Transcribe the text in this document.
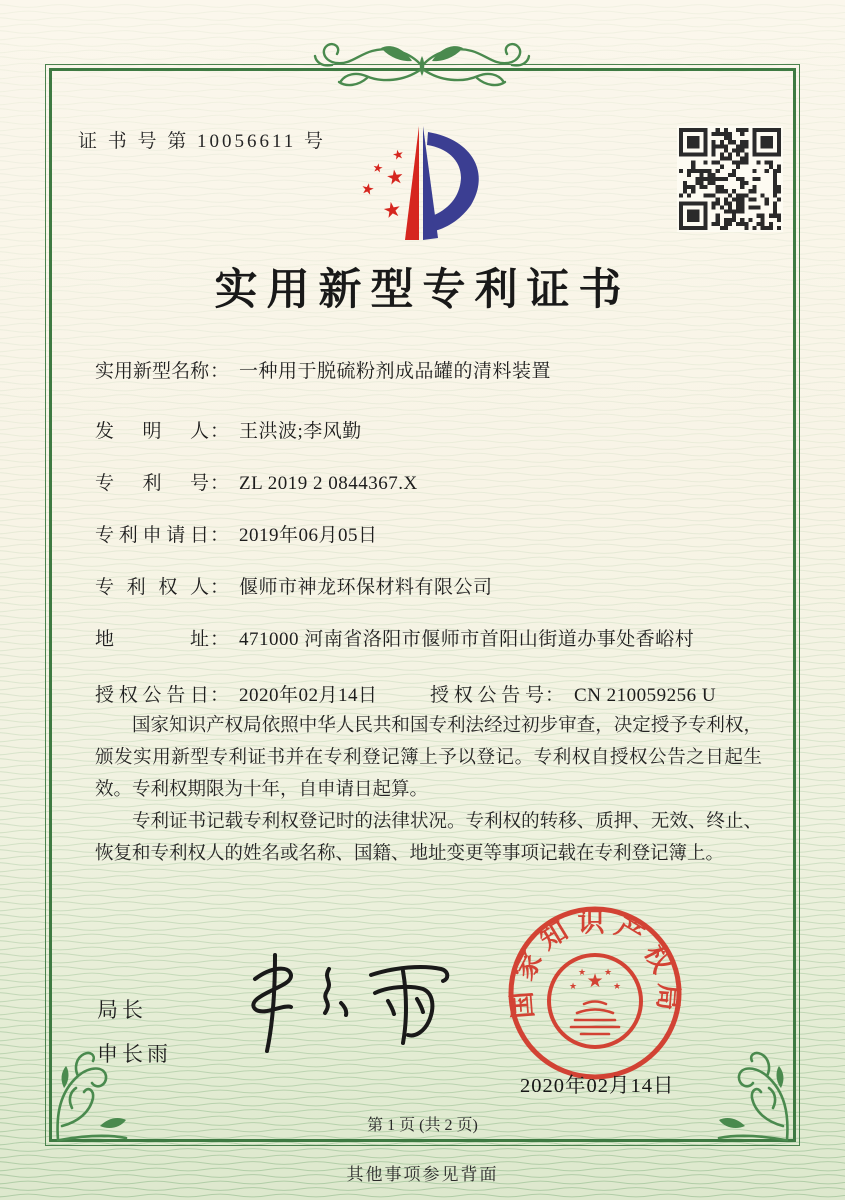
证 书 号 第 10056611 号
★
★ ★
★
★
实用新型专利证书
实 用 新 型 名 称 ： 一种用于脱硫粉剂成品罐的清料装置
发 明 人 ： 王洪波;李风勤
专 利 号 ： ZL 2019 2 0844367.X
专 利 申 请 日 ： 2019年06月05日
专 利 权 人 ： 偃师市神龙环保材料有限公司
地	址 ： 471000 河南省洛阳市偃师市首阳山街道办事处香峪村
授 权 公 告 日 ： 2020年02月14日	授 权 公 告 号 ： CN 210059256 U

国家知识产权局依照中华人民共和国专利法经过初步审查，决定授予专利权，颁发实用新型专利证书并在专利登记簿上予以登记。专利权自授权公告之日起生效。专利权期限为十年，自申请日起算。

专利证书记载专利权登记时的法律状况。专利权的转移、质押、无效、终止、恢复和专利权人的姓名或名称、国籍、地址变更等事项记载在专利登记簿上。

局长
申长雨
国家知识产权局
★
★
★ ★
★
2020年02月14日
第 1 页 (共 2 页)
其他事项参见背面
